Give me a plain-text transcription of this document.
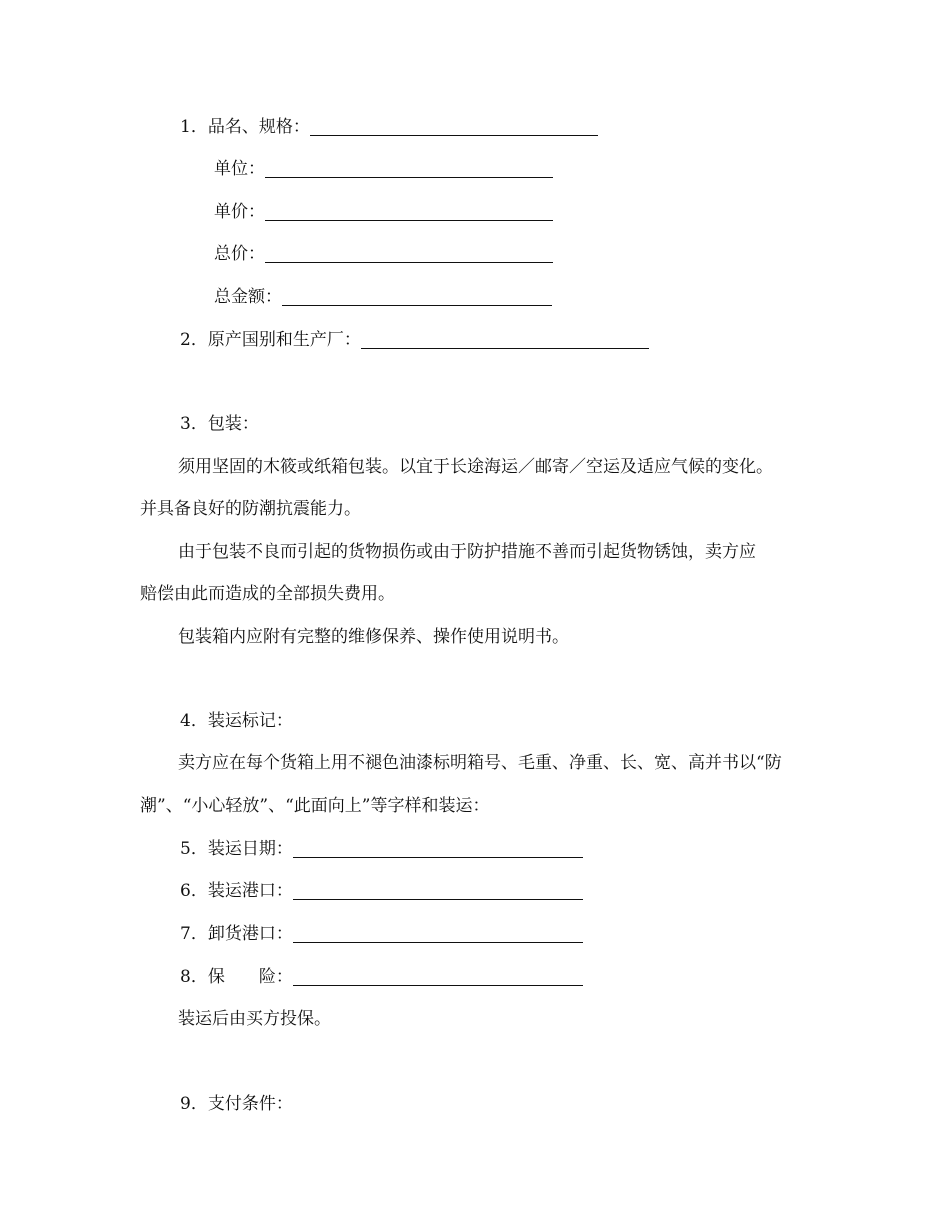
1．品名、规格：
单位：
单价：
总价：
总金额：
2．原产国别和生产厂：
3．包装：
须用坚固的木筱或纸箱包装。以宜于长途海运／邮寄／空运及适应气候的变化。
并具备良好的防潮抗震能力。
由于包装不良而引起的货物损伤或由于防护措施不善而引起货物锈蚀，卖方应
赔偿由此而造成的全部损失费用。
包装箱内应附有完整的维修保养、操作使用说明书。
4．装运标记：
卖方应在每个货箱上用不褪色油漆标明箱号、毛重、净重、长、宽、高并书以“防
潮”、“小心轻放”、“此面向上”等字样和装运：
5．装运日期：
6．装运港口：
7．卸货港口：
8．保　　险：
装运后由买方投保。
9．支付条件：
